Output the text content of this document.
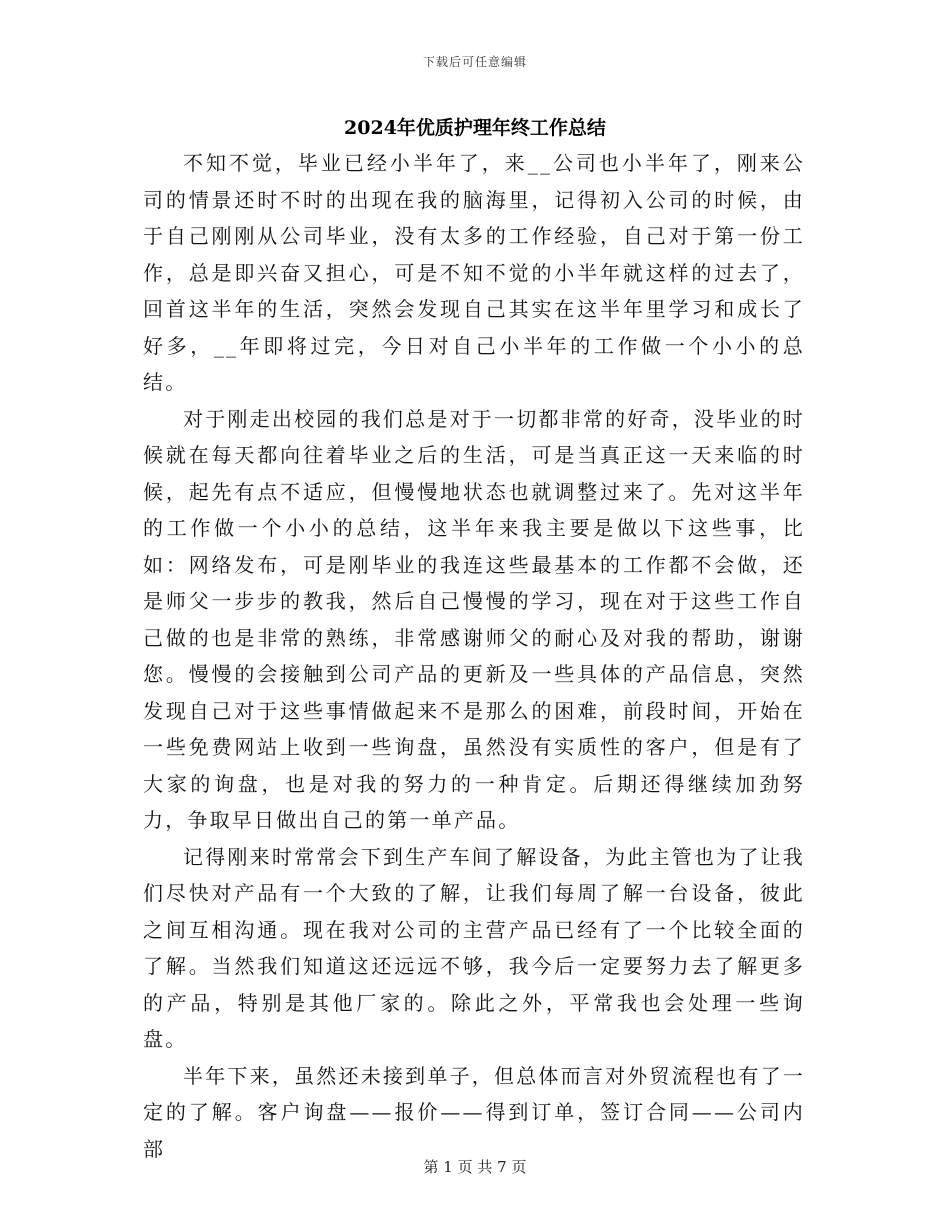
下载后可任意编辑
2024年优质护理年终工作总结

不知不觉，毕业已经小半年了，来__公司也小半年了，刚来公司的情景还时不时的出现在我的脑海里，记得初入公司的时候，由于自己刚刚从公司毕业，没有太多的工作经验，自己对于第一份工作，总是即兴奋又担心，可是不知不觉的小半年就这样的过去了，回首这半年的生活，突然会发现自己其实在这半年里学习和成长了好多，__年即将过完，今日对自己小半年的工作做一个小小的总结。

对于刚走出校园的我们总是对于一切都非常的好奇，没毕业的时候就在每天都向往着毕业之后的生活，可是当真正这一天来临的时候，起先有点不适应，但慢慢地状态也就调整过来了。先对这半年的工作做一个小小的总结，这半年来我主要是做以下这些事，比如：网络发布，可是刚毕业的我连这些最基本的工作都不会做，还是师父一步步的教我，然后自己慢慢的学习，现在对于这些工作自己做的也是非常的熟练，非常感谢师父的耐心及对我的帮助，谢谢您。慢慢的会接触到公司产品的更新及一些具体的产品信息，突然发现自己对于这些事情做起来不是那么的困难，前段时间，开始在一些免费网站上收到一些询盘，虽然没有实质性的客户，但是有了大家的询盘，也是对我的努力的一种肯定。后期还得继续加劲努力，争取早日做出自己的第一单产品。

记得刚来时常常会下到生产车间了解设备，为此主管也为了让我们尽快对产品有一个大致的了解，让我们每周了解一台设备，彼此之间互相沟通。现在我对公司的主营产品已经有了一个比较全面的了解。当然我们知道这还远远不够，我今后一定要努力去了解更多的产品，特别是其他厂家的。除此之外，平常我也会处理一些询盘。

半年下来，虽然还未接到单子，但总体而言对外贸流程也有了一定的了解。客户询盘——报价——得到订单，签订合同——公司内部

第 1 页 共 7 页
